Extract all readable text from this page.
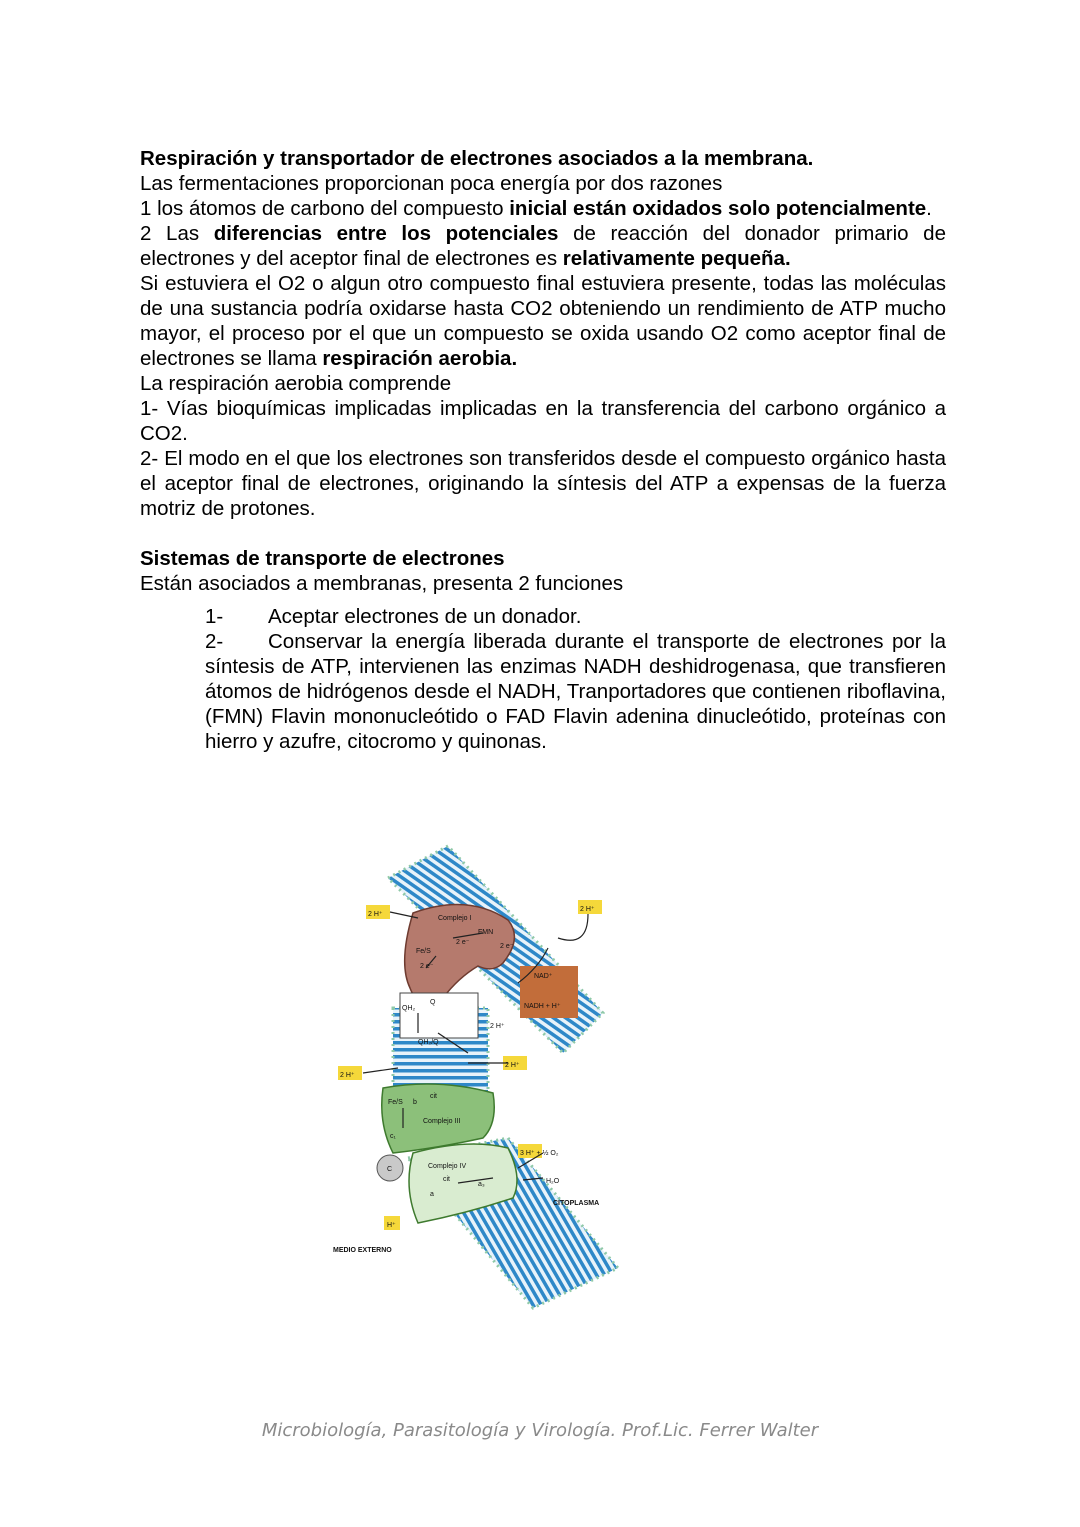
Respiración y transportador de electrones asociados a la membrana.

Las fermentaciones proporcionan poca energía por dos razones

1 los átomos de carbono del compuesto inicial están oxidados solo potencialmente.

2 Las diferencias entre los potenciales de reacción del donador primario de electrones y del aceptor final de electrones es relativamente pequeña.

Si estuviera el O2 o algun otro compuesto final estuviera presente, todas las moléculas de una sustancia podría oxidarse hasta CO2 obteniendo un rendimiento de ATP mucho mayor, el proceso por el que un compuesto se oxida usando O2 como aceptor final de electrones se llama respiración aerobia.

La respiración aerobia comprende

1- Vías bioquímicas implicadas implicadas en la transferencia del carbono orgánico a CO2.

2- El modo en el que los electrones son transferidos desde el compuesto orgánico hasta el aceptor final de electrones, originando la síntesis del ATP a expensas de la fuerza motriz de protones.

Sistemas de transporte de electrones

Están asociados a membranas, presenta 2 funciones

1- Aceptar electrones de un donador.

2- Conservar la energía liberada durante el transporte de electrones por la síntesis de ATP, intervienen las enzimas NADH deshidrogenasa, que transfieren átomos de hidrógenos desde el NADH, Tranportadores que contienen riboflavina, (FMN) Flavin mononucleótido o FAD Flavin adenina dinucleótido, proteínas con hierro y azufre, citocromo y quinonas.

2 H⁺
2 H⁺
Complejo I
FMN
2 e⁻
2 e⁻
Fe/S
2 e⁻
NAD⁺
NADH + H⁺
QH₂
Q
QH₂/Q
2 H⁺
2 H⁺
2 H⁺
Fe/S b
cit
Complejo III
c₁
C	Complejo IV
cit
a
a₃
3 H⁺ + ½ O₂
H₂O
CITOPLASMA
H⁺
MEDIO EXTERNO
Microbiología, Parasitología y Virología. Prof.Lic. Ferrer Walter
